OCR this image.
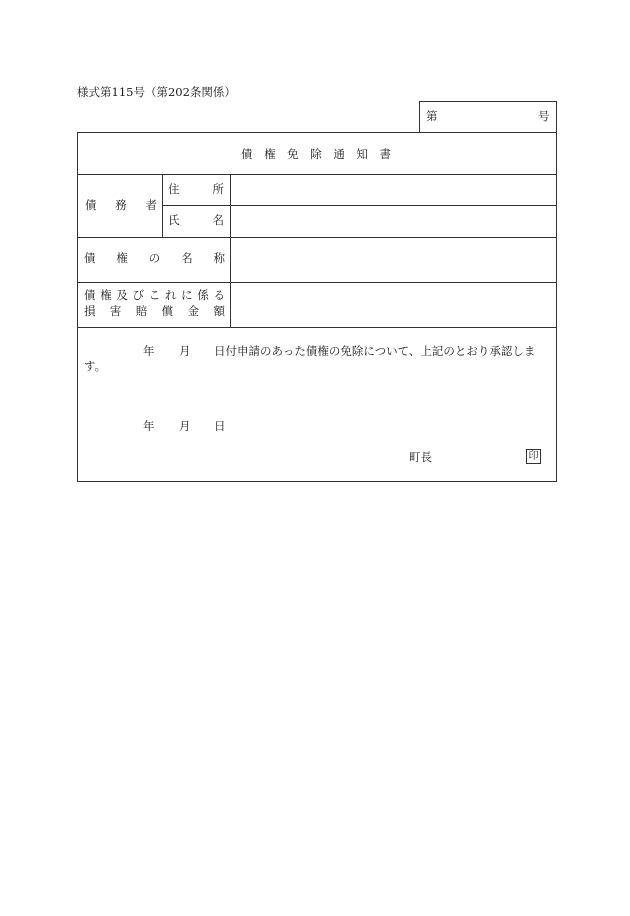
様式第115号（第202条関係）
第	号
債 権 免 除 通 知 書
債 務 者
住	所
氏	名
債 権 の 名 称
債 権 及 び こ れ に 係 る
損 害 賠 償 金 額
年 月 日付申請のあった債権の免除について、上記のとおり承認しま
す。
年 月 日
町長	印
